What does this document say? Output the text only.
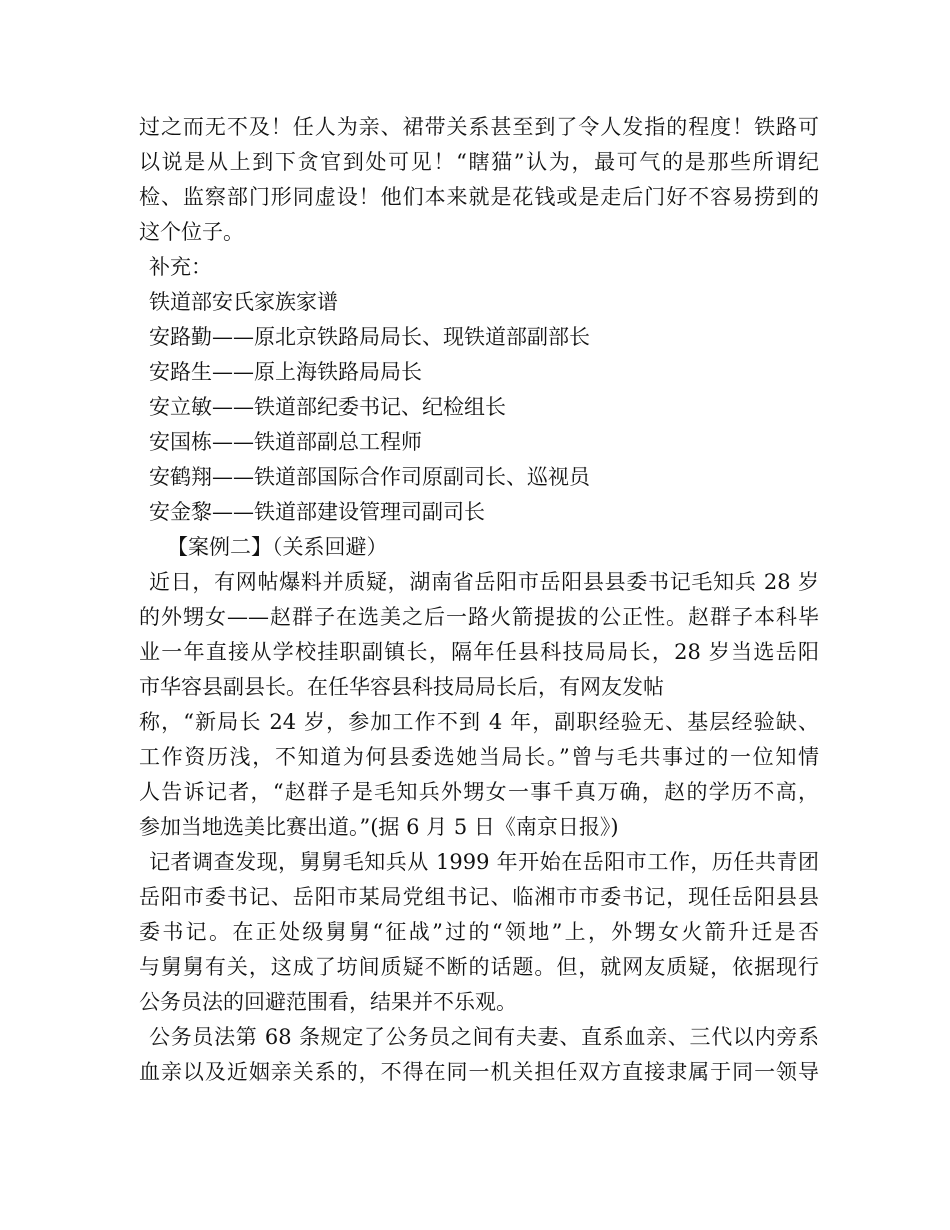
过之而无不及！任人为亲、裙带关系甚至到了令人发指的程度！铁路可
以说是从上到下贪官到处可见！“瞎猫”认为，最可气的是那些所谓纪
检、监察部门形同虚设！他们本来就是花钱或是走后门好不容易捞到的
这个位子。
补充：
铁道部安氏家族家谱
安路勤——原北京铁路局局长、现铁道部副部长
安路生——原上海铁路局局长
安立敏——铁道部纪委书记、纪检组长
安国栋——铁道部副总工程师
安鹤翔——铁道部国际合作司原副司长、巡视员
安金黎——铁道部建设管理司副司长
【案例二】（关系回避）
近日，有网帖爆料并质疑，湖南省岳阳市岳阳县县委书记毛知兵 28 岁
的外甥女——赵群子在选美之后一路火箭提拔的公正性。赵群子本科毕
业一年直接从学校挂职副镇长，隔年任县科技局局长，28 岁当选岳阳
市华容县副县长。在任华容县科技局局长后，有网友发帖
称，“新局长 24 岁，参加工作不到 4 年，副职经验无、基层经验缺、
工作资历浅，不知道为何县委选她当局长。”曾与毛共事过的一位知情
人告诉记者，“赵群子是毛知兵外甥女一事千真万确，赵的学历不高，
参加当地选美比赛出道。”(据 6 月 5 日《南京日报》)
记者调查发现，舅舅毛知兵从 1999 年开始在岳阳市工作，历任共青团
岳阳市委书记、岳阳市某局党组书记、临湘市市委书记，现任岳阳县县
委书记。在正处级舅舅“征战”过的“领地”上，外甥女火箭升迁是否
与舅舅有关，这成了坊间质疑不断的话题。但，就网友质疑，依据现行
公务员法的回避范围看，结果并不乐观。
公务员法第 68 条规定了公务员之间有夫妻、直系血亲、三代以内旁系
血亲以及近姻亲关系的，不得在同一机关担任双方直接隶属于同一领导
